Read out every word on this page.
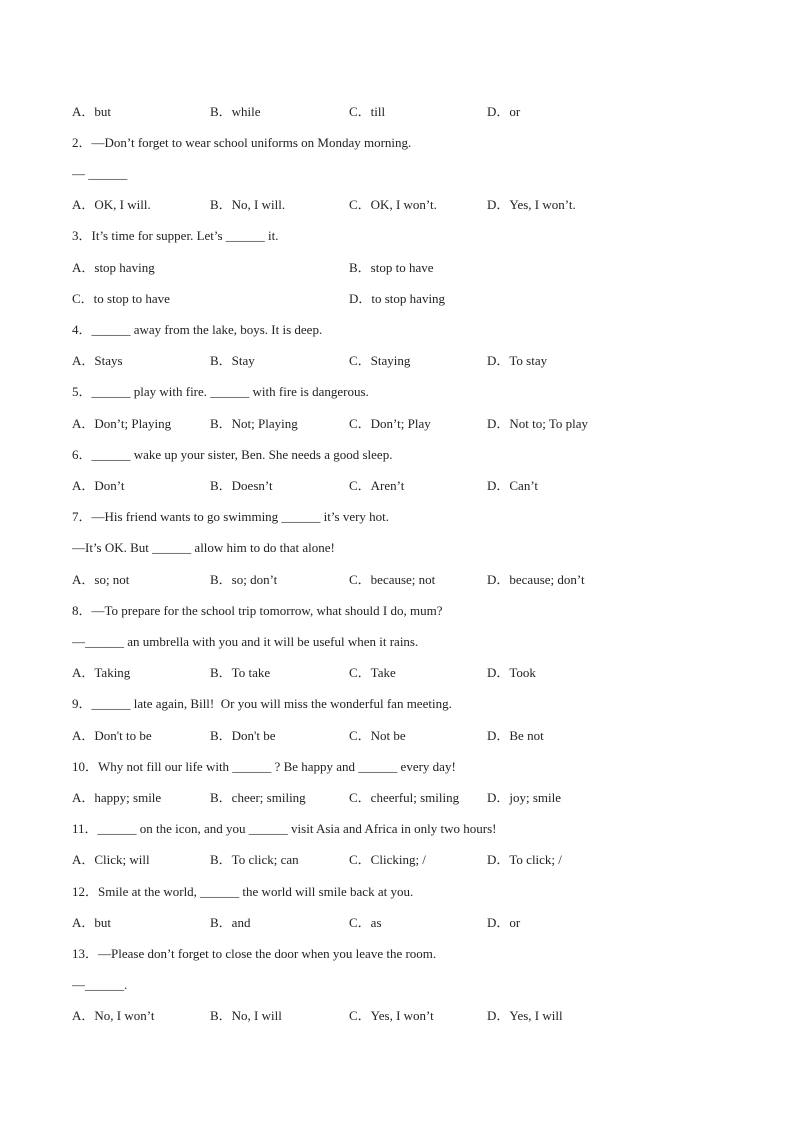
A．but	B．while	C．till	D．or
2．—Don’t forget to wear school uniforms on Monday morning.
— ______
A．OK, I will.	B．No, I will.	C．OK, I won’t.	D．Yes, I won’t.
3．It’s time for supper. Let’s ______ it.
A．stop having	B．stop to have
C．to stop to have	D．to stop having
4．______ away from the lake, boys. It is deep.
A．Stays	B．Stay	C．Staying	D．To stay
5．______ play with fire. ______ with fire is dangerous.
A．Don’t; Playing	B．Not; Playing	C．Don’t; Play	D．Not to; To play
6．______ wake up your sister, Ben. She needs a good sleep.
A．Don’t	B．Doesn’t	C．Aren’t	D．Can’t
7．—His friend wants to go swimming ______ it’s very hot.
—It’s OK. But ______ allow him to do that alone!
A．so; not	B．so; don’t	C．because; not	D．because; don’t
8．—To prepare for the school trip tomorrow, what should I do, mum?
—______ an umbrella with you and it will be useful when it rains.
A．Taking	B．To take	C．Take	D．Took
9．______ late again, Bill!  Or you will miss the wonderful fan meeting.
A．Don't to be	B．Don't be	C．Not be	D．Be not
10．Why not fill our life with ______ ? Be happy and ______ every day!
A．happy; smile	B．cheer; smiling	C．cheerful; smiling D．joy; smile
11．______ on the icon, and you ______ visit Asia and Africa in only two hours!
A．Click; will	B．To click; can	C．Clicking; /	D．To click; /
12．Smile at the world, ______ the world will smile back at you.
A．but	B．and	C．as	D．or
13．—Please don’t forget to close the door when you leave the room.
—______.
A．No, I won’t	B．No, I will	C．Yes, I won’t	D．Yes, I will
